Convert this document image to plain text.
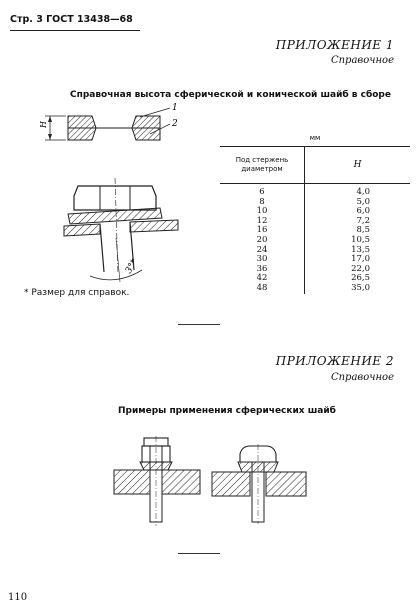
Стр. 3 ГОСТ 13438—68
ПРИЛОЖЕНИЕ 1
Справочное
Справочная высота сферической и конической шайб в сборе
H
1
2
3°*
мм
Под стержень
диаметром	H
6
8
10
12
16
20
24
30
36
42
48
4,0
5,0
6,0
7,2
8,5
10,5
13,5
17,0
22,0
26,5
35,0
* Размер для справок.
ПРИЛОЖЕНИЕ 2
Справочное
Примеры применения сферических шайб
110
